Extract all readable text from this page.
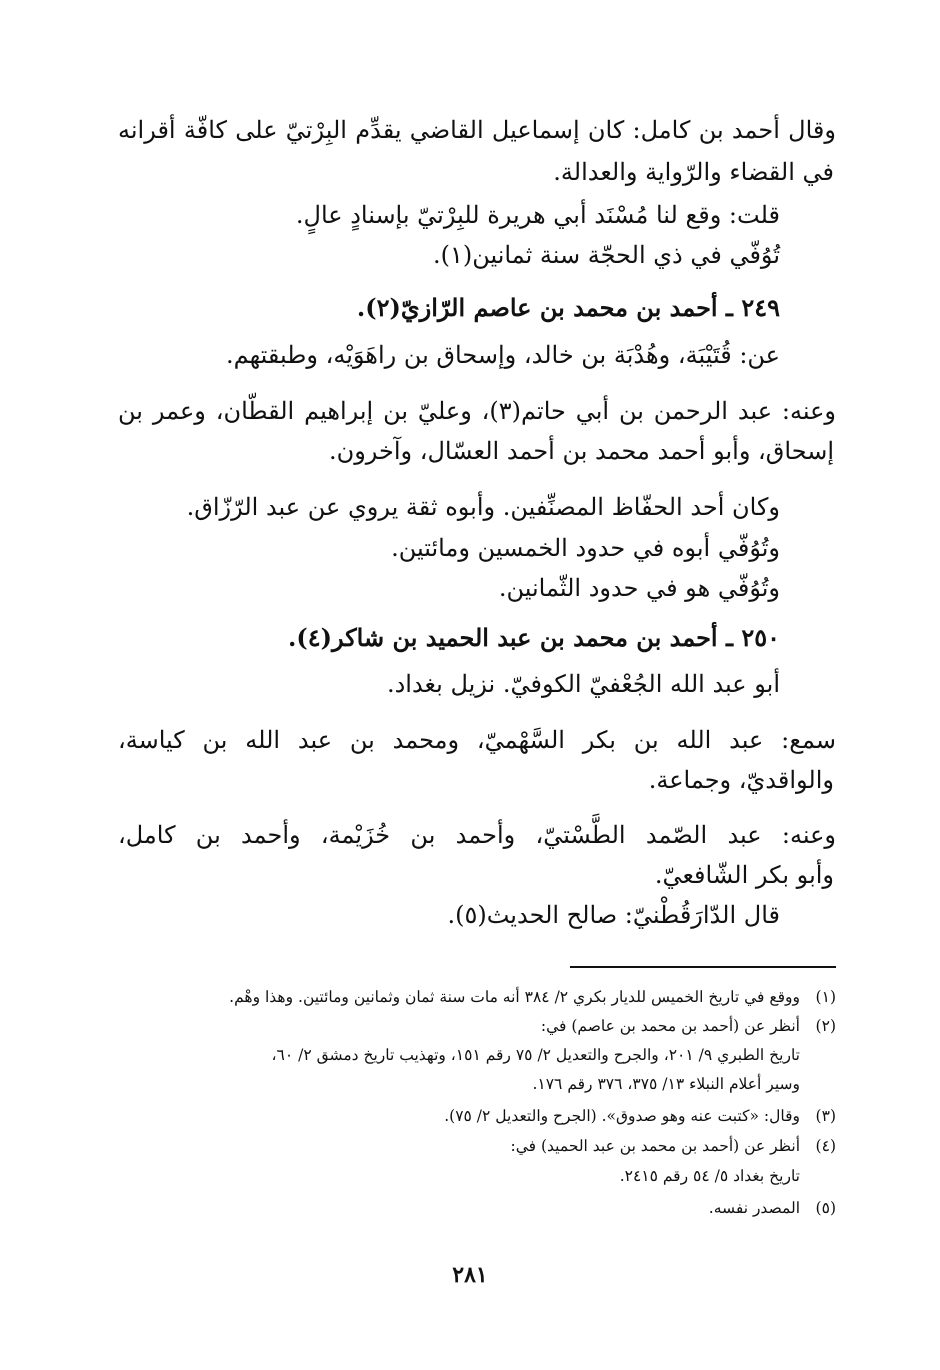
وقال أحمد بن كامل: كان إسماعيل القاضي يقدِّم البِرْتيّ على كافّة أقرانه
في القضاء والرّواية والعدالة.
قلت: وقع لنا مُسْنَد أبي هريرة للبِرْتيّ بإسنادٍ عالٍ.
تُوُفّي في ذي الحجّة سنة ثمانين(١).
٢٤٩ ـ أحمد بن محمد بن عاصم الرّازيّ(٢).
عن: قُتَيْبَة، وهُدْبَة بن خالد، وإسحاق بن راهَوَيْه، وطبقتهم.
وعنه: عبد الرحمن بن أبي حاتم(٣)، وعليّ بن إبراهيم القطّان، وعمر بن
إسحاق، وأبو أحمد محمد بن أحمد العسّال، وآخرون.
وكان أحد الحفّاظ المصنِّفين. وأبوه ثقة يروي عن عبد الرّزّاق.
وتُوُفّي أبوه في حدود الخمسين ومائتين.
وتُوُفّي هو في حدود الثّمانين.
٢٥٠ ـ أحمد بن محمد بن عبد الحميد بن شاكر(٤).
أبو عبد الله الجُعْفيّ الكوفيّ. نزيل بغداد.
سمع: عبد الله بن بكر السَّهْميّ، ومحمد بن عبد الله بن كياسة،
والواقديّ، وجماعة.
وعنه: عبد الصّمد الطَّسْتيّ، وأحمد بن خُزَيْمة، وأحمد بن كامل،
وأبو بكر الشّافعيّ.
قال الدّارَقُطْنيّ: صالح الحديث(٥).
(١)
ووقع في تاريخ الخميس للديار بكري ٢/ ٣٨٤ أنه مات سنة ثمان وثمانين ومائتين. وهذا وهْم.
(٢)
أنظر عن (أحمد بن محمد بن عاصم) في:
تاريخ الطبري ٩/ ٢٠١، والجرح والتعديل ٢/ ٧٥ رقم ١٥١، وتهذيب تاريخ دمشق ٢/ ٦٠،
وسير أعلام النبلاء ١٣/ ٣٧٥، ٣٧٦ رقم ١٧٦.
(٣)
وقال: «كتبت عنه وهو صدوق». (الجرح والتعديل ٢/ ٧٥).
(٤)
أنظر عن (أحمد بن محمد بن عبد الحميد) في:
تاريخ بغداد ٥/ ٥٤ رقم ٢٤١٥.
(٥)
المصدر نفسه.
٢٨١
